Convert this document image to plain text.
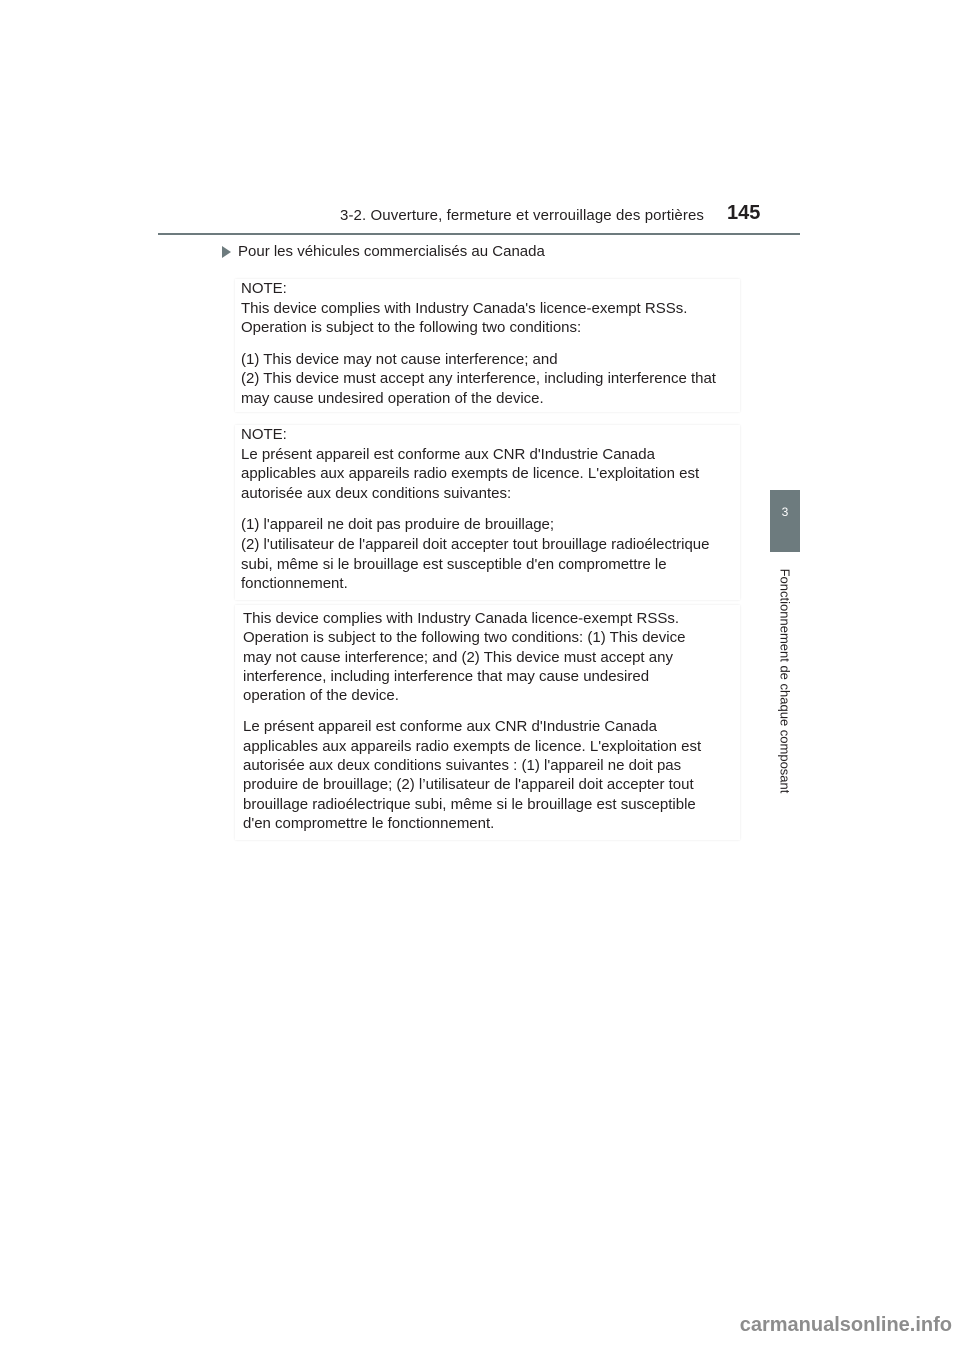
3-2. Ouverture, fermeture et verrouillage des portières 145
3
Fonctionnement de chaque composant
Pour les véhicules commercialisés au Canada

NOTE:

This device complies with Industry Canada's licence-exempt RSSs.

Operation is subject to the following two conditions:

(1) This device may not cause interference; and

(2) This device must accept any interference, including interference that

may cause undesired operation of the device.

NOTE:

Le présent appareil est conforme aux CNR d'Industrie Canada

applicables aux appareils radio exempts de licence. L'exploitation est

autorisée aux deux conditions suivantes:

(1) l'appareil ne doit pas produire de brouillage;

(2) l'utilisateur de l'appareil doit accepter tout brouillage radioélectrique

subi, même si le brouillage est susceptible d'en compromettre le

fonctionnement.

This device complies with Industry Canada licence-exempt RSSs.

Operation is subject to the following two conditions: (1) This device

may not cause interference; and (2) This device must accept any

interference, including interference that may cause undesired

operation of the device.

Le présent appareil est conforme aux CNR d'Industrie Canada

applicables aux appareils radio exempts de licence. L'exploitation est

autorisée aux deux conditions suivantes : (1) l'appareil ne doit pas

produire de brouillage; (2) l’utilisateur de l'appareil doit accepter tout

brouillage radioélectrique subi, même si le brouillage est susceptible

d'en compromettre le fonctionnement.

carmanualsonline.info
